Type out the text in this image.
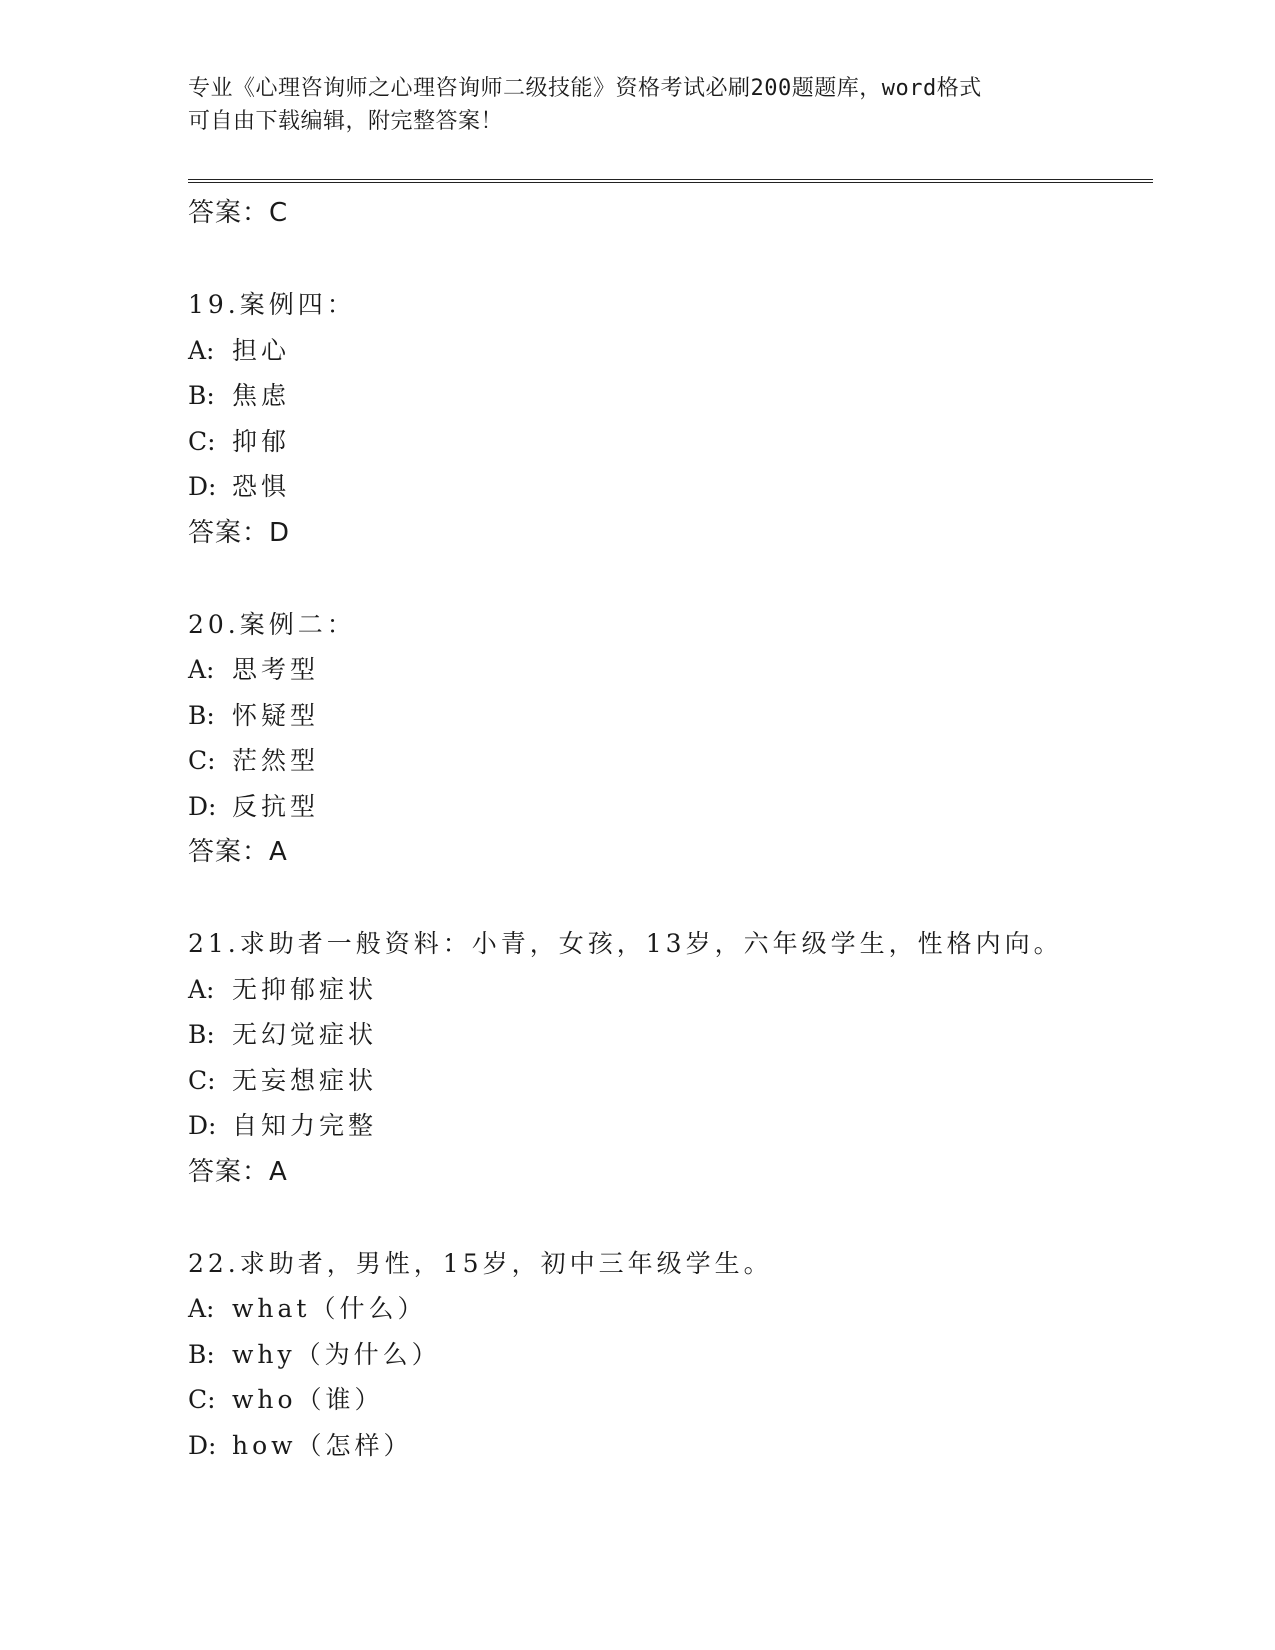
专业《心理咨询师之心理咨询师二级技能》资格考试必刷200题题库，word格式
可自由下载编辑，附完整答案！
答案：C
19.案例四：
A: 担心
B: 焦虑
C: 抑郁
D: 恐惧
答案：D
20.案例二：
A: 思考型
B: 怀疑型
C: 茫然型
D: 反抗型
答案：A
21.求助者一般资料：小青，女孩，13岁，六年级学生，性格内向。
A: 无抑郁症状
B: 无幻觉症状
C: 无妄想症状
D: 自知力完整
答案：A
22.求助者，男性，15岁，初中三年级学生。
A: what（什么）
B: why（为什么）
C: who（谁）
D: how（怎样）
